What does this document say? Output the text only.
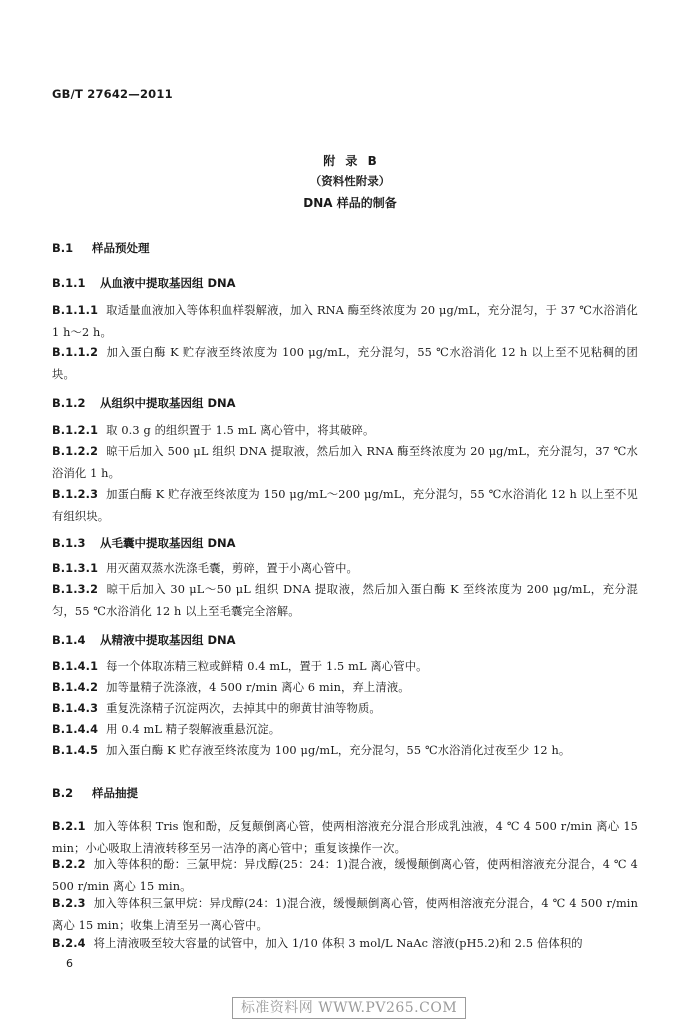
GB/T 27642—2011
附 录 B
（资料性附录）
DNA 样品的制备
B.1 样品预处理
B.1.1 从血液中提取基因组 DNA
B.1.1.1 取适量血液加入等体积血样裂解液，加入 RNA 酶至终浓度为 20 μg/mL，充分混匀，于 37 ℃水浴消化 1 h～2 h。
B.1.1.2 加入蛋白酶 K 贮存液至终浓度为 100 μg/mL，充分混匀，55 ℃水浴消化 12 h 以上至不见粘稠的团块。
B.1.2 从组织中提取基因组 DNA
B.1.2.1 取 0.3 g 的组织置于 1.5 mL 离心管中，将其破碎。
B.1.2.2 晾干后加入 500 μL 组织 DNA 提取液，然后加入 RNA 酶至终浓度为 20 μg/mL，充分混匀，37 ℃水浴消化 1 h。
B.1.2.3 加蛋白酶 K 贮存液至终浓度为 150 μg/mL～200 μg/mL，充分混匀，55 ℃水浴消化 12 h 以上至不见有组织块。
B.1.3 从毛囊中提取基因组 DNA
B.1.3.1 用灭菌双蒸水洗涤毛囊，剪碎，置于小离心管中。
B.1.3.2 晾干后加入 30 μL～50 μL 组织 DNA 提取液，然后加入蛋白酶 K 至终浓度为 200 μg/mL，充分混匀，55 ℃水浴消化 12 h 以上至毛囊完全溶解。
B.1.4 从精液中提取基因组 DNA
B.1.4.1 每一个体取冻精三粒或鲜精 0.4 mL，置于 1.5 mL 离心管中。
B.1.4.2 加等量精子洗涤液，4 500 r/min 离心 6 min，弃上清液。
B.1.4.3 重复洗涤精子沉淀两次，去掉其中的卵黄甘油等物质。
B.1.4.4 用 0.4 mL 精子裂解液重悬沉淀。
B.1.4.5 加入蛋白酶 K 贮存液至终浓度为 100 μg/mL，充分混匀，55 ℃水浴消化过夜至少 12 h。
B.2 样品抽提
B.2.1 加入等体积 Tris 饱和酚，反复颠倒离心管，使两相溶液充分混合形成乳浊液，4 ℃ 4 500 r/min 离心 15 min；小心吸取上清液转移至另一洁净的离心管中；重复该操作一次。
B.2.2 加入等体积的酚：三氯甲烷：异戊醇(25：24：1)混合液，缓慢颠倒离心管，使两相溶液充分混合，4 ℃ 4 500 r/min 离心 15 min。
B.2.3 加入等体积三氯甲烷：异戊醇(24：1)混合液，缓慢颠倒离心管，使两相溶液充分混合，4 ℃ 4 500 r/min离心 15 min；收集上清至另一离心管中。
B.2.4 将上清液吸至较大容量的试管中，加入 1/10 体积 3 mol/L NaAc 溶液(pH5.2)和 2.5 倍体积的
6
标准资料网 WWW.PV265.COM
